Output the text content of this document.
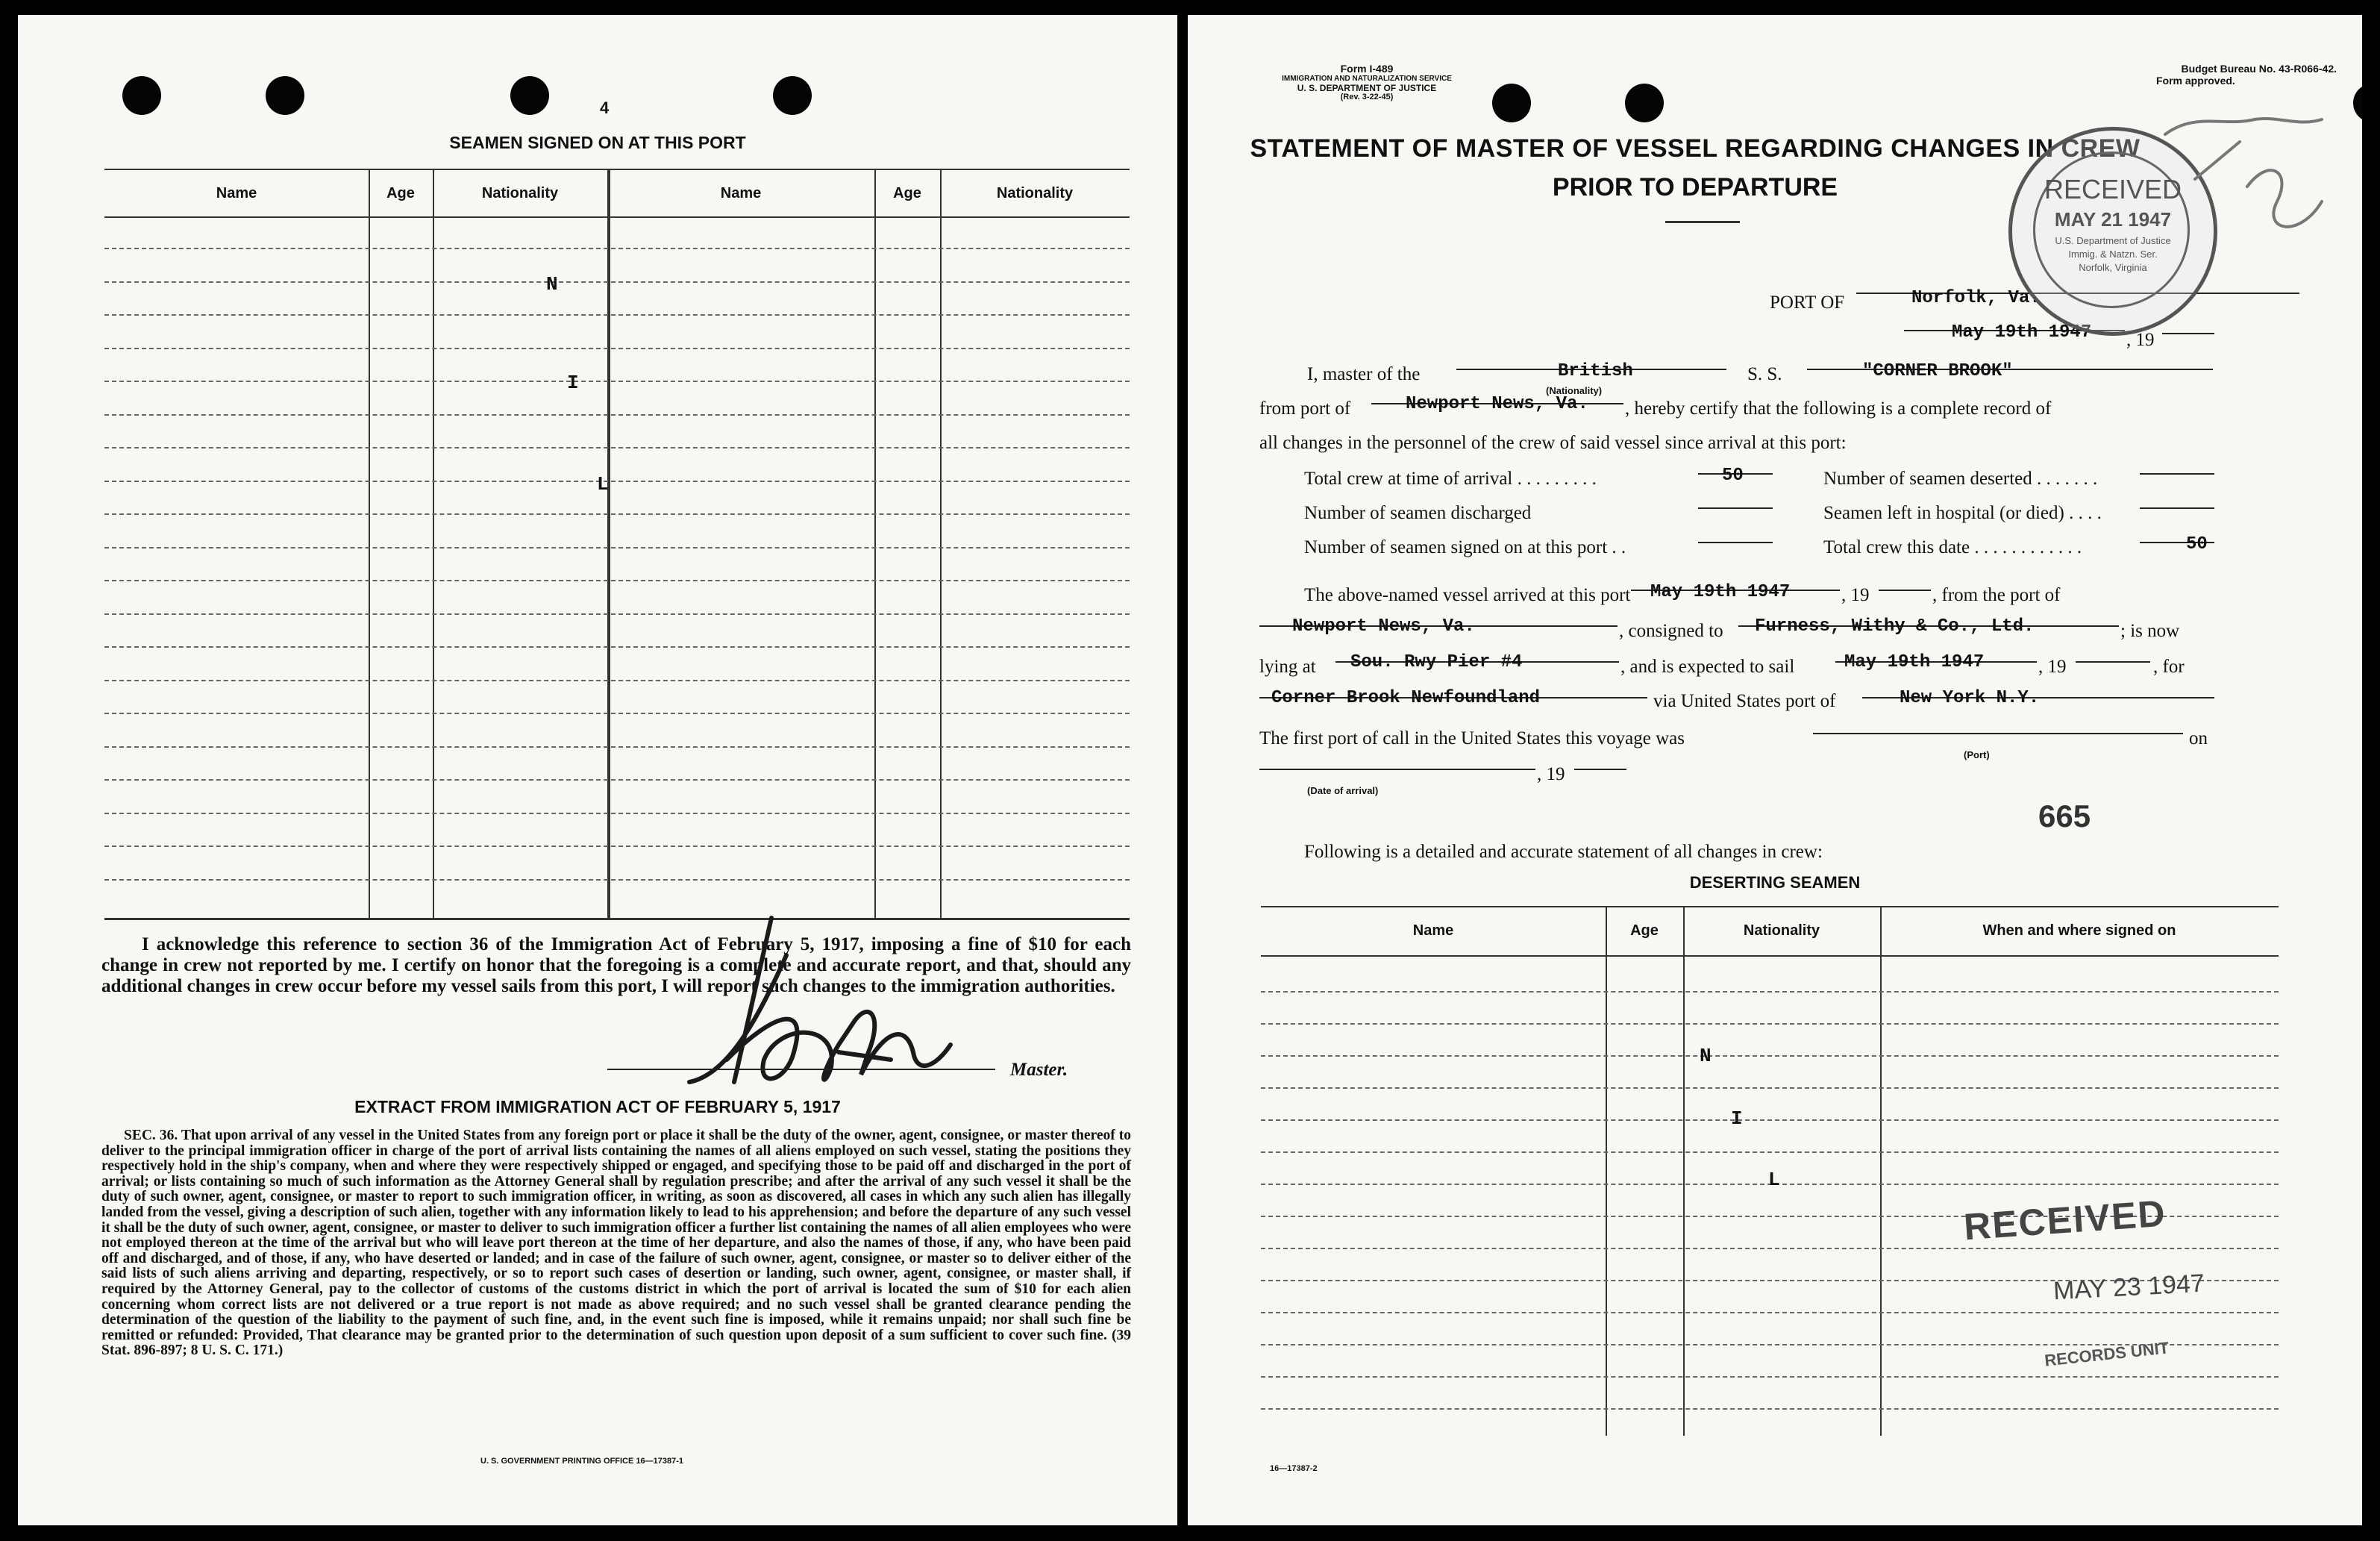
4
SEAMEN SIGNED ON AT THIS PORT
Name	Age	Nationality	Name	Age	Nationality
N
I
L
I acknowledge this reference to section 36 of the Immigration Act of February 5, 1917, imposing a fine of $10 for each change in crew not reported by me. I certify on honor that the foregoing is a complete and accurate report, and that, should any additional changes in crew occur before my vessel sails from this port, I will report such changes to the immigration authorities.
Master.
EXTRACT FROM IMMIGRATION ACT OF FEBRUARY 5, 1917
SEC. 36. That upon arrival of any vessel in the United States from any foreign port or place it shall be the duty of the owner, agent, consignee, or master thereof to deliver to the principal immigration officer in charge of the port of arrival lists containing the names of all aliens employed on such vessel, stating the positions they respectively hold in the ship's company, when and where they were respectively shipped or engaged, and specifying those to be paid off and discharged in the port of arrival; or lists containing so much of such information as the Attorney General shall by regulation prescribe; and after the arrival of any such vessel it shall be the duty of such owner, agent, consignee, or master to report to such immigration officer, in writing, as soon as discovered, all cases in which any such alien has illegally landed from the vessel, giving a description of such alien, together with any information likely to lead to his apprehension; and before the departure of any such vessel it shall be the duty of such owner, agent, consignee, or master to deliver to such immigration officer a further list containing the names of all alien employees who were not employed thereon at the time of the arrival but who will leave port thereon at the time of her departure, and also the names of those, if any, who have been paid off and discharged, and of those, if any, who have deserted or landed; and in case of the failure of such owner, agent, consignee, or master so to deliver either of the said lists of such aliens arriving and departing, respectively, or so to report such cases of desertion or landing, such owner, agent, consignee, or master shall, if required by the Attorney General, pay to the collector of customs of the customs district in which the port of arrival is located the sum of $10 for each alien concerning whom correct lists are not delivered or a true report is not made as above required; and no such vessel shall be granted clearance pending the determination of the question of the liability to the payment of such fine, and, in the event such fine is imposed, while it remains unpaid; nor shall such fine be remitted or refunded: Provided, That clearance may be granted prior to the determination of such question upon deposit of a sum sufficient to cover such fine. (39 Stat. 896-897; 8 U. S. C. 171.)
U. S. GOVERNMENT PRINTING OFFICE 16—17387-1
Form I-489
IMMIGRATION AND NATURALIZATION SERVICE
U. S. DEPARTMENT OF JUSTICE
(Rev. 3-22-45)
Budget Bureau No. 43-R066-42.
Form approved.
STATEMENT OF MASTER OF VESSEL REGARDING CHANGES IN CREW
PRIOR TO DEPARTURE
PORT OF	Norfolk, Va.
May 19th 1947 , 19
I, master of the	British
(Nationality)
S. S.	"CORNER BROOK"
from port of	Newport News, Va. , hereby certify that the following is a complete record of
all changes in the personnel of the crew of said vessel since arrival at this port:
Total crew at time of arrival . . . . . . . . .	50	Number of seamen deserted . . . . . . .
Number of seamen discharged	Seamen left in hospital (or died) . . . .
Number of seamen signed on at this port . .	Total crew this date . . . . . . . . . . . .	50
The above-named vessel arrived at this port May 19th 1947	, 19	, from the port of
Newport News, Va.	, consigned to Furness, Withy & Co., Ltd.	; is now
lying at Sou. Rwy Pier #4	, and is expected to sail	May 19th 1947	, 19	, for
Corner Brook Newfoundland	via United States port of	New York N.Y.
The first port of call in the United States this voyage was
(Port)
on
, 19
(Date of arrival)
665
Following is a detailed and accurate statement of all changes in crew:
DESERTING SEAMEN
Name	Age	Nationality	When and where signed on
N
I
L
16—17387-2
RECEIVED
MAY 21 1947
U.S. Department of Justice
Immig. & Natzn. Ser.
Norfolk, Virginia
RECEIVED
MAY 23 1947
RECORDS UNIT
